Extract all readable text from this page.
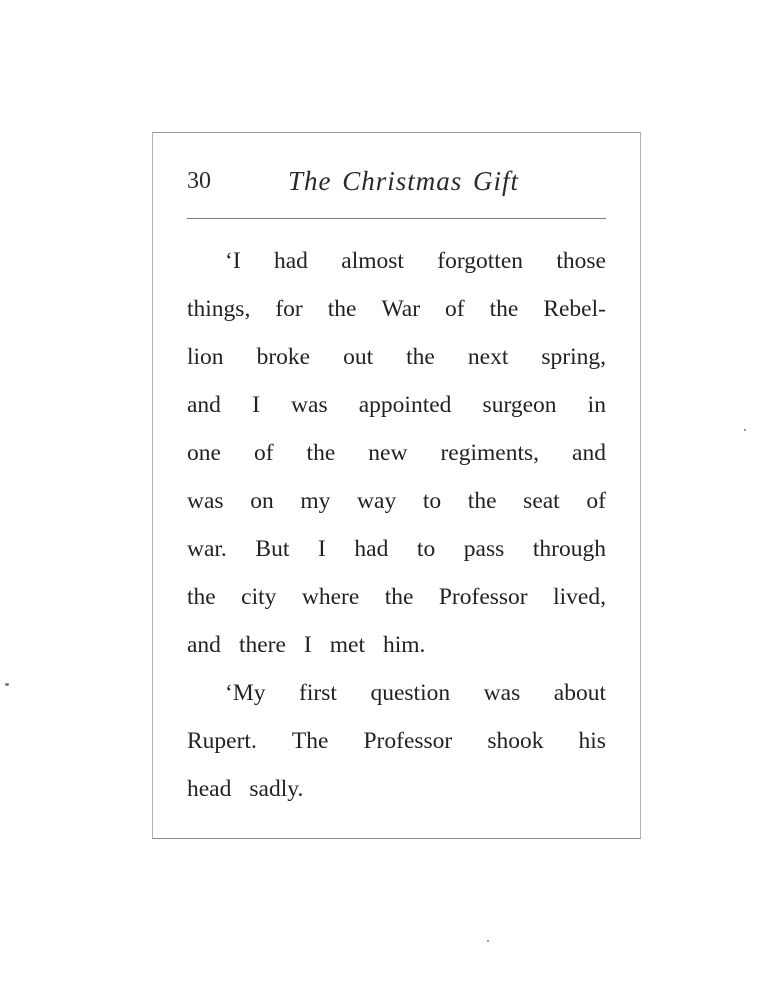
30	The Christmas Gift
‘I had almost forgotten those
things, for the War of the Rebel-
lion broke out the next spring,
and I was appointed surgeon in
one of the new regiments, and
was on my way to the seat of
war. But I had to pass through
the city where the Professor lived,
and there I met him.
‘My first question was about
Rupert. The Professor shook his
head sadly.
